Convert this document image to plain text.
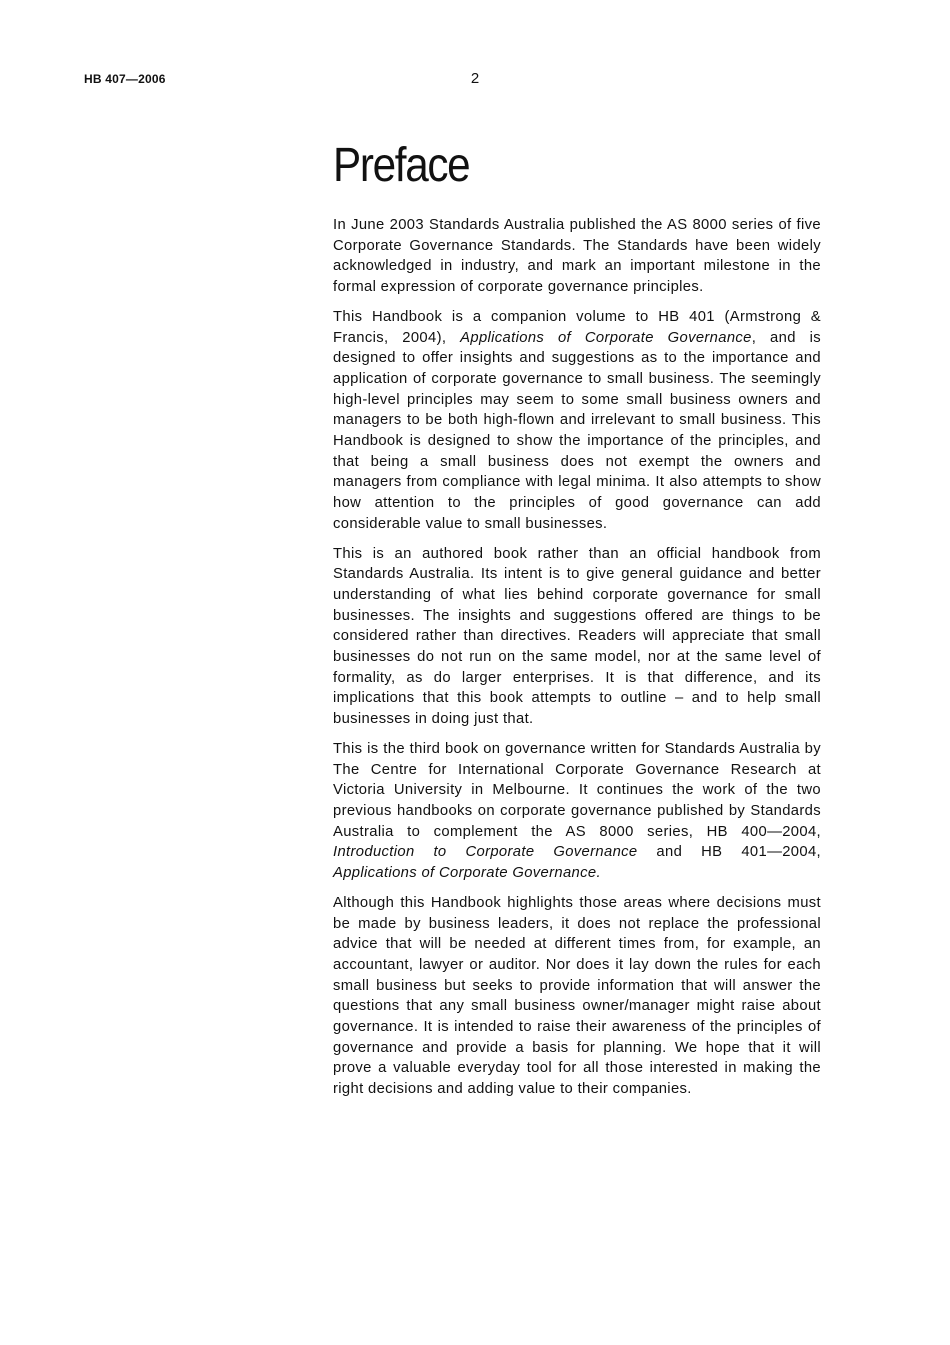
HB 407—2006	2
Preface

In June 2003 Standards Australia published the AS 8000 series of five Corporate Governance Standards. The Standards have been widely acknowledged in industry, and mark an important milestone in the formal expression of corporate governance principles.

This Handbook is a companion volume to HB 401 (Armstrong & Francis, 2004), Applications of Corporate Governance, and is designed to offer insights and suggestions as to the importance and application of corporate governance to small business. The seemingly high-level principles may seem to some small business owners and managers to be both high-flown and irrelevant to small business. This Handbook is designed to show the importance of the principles, and that being a small business does not exempt the owners and managers from compliance with legal minima. It also attempts to show how attention to the principles of good governance can add considerable value to small businesses.

This is an authored book rather than an official handbook from Standards Australia. Its intent is to give general guidance and better understanding of what lies behind corporate governance for small businesses. The insights and suggestions offered are things to be considered rather than directives. Readers will appreciate that small businesses do not run on the same model, nor at the same level of formality, as do larger enterprises. It is that difference, and its implications that this book attempts to outline – and to help small businesses in doing just that.

This is the third book on governance written for Standards Australia by The Centre for International Corporate Governance Research at Victoria University in Melbourne. It continues the work of the two previous handbooks on corporate governance published by Standards Australia to complement the AS 8000 series, HB 400—2004, Introduction to Corporate Governance and HB 401—2004, Applications of Corporate Governance.

Although this Handbook highlights those areas where decisions must be made by business leaders, it does not replace the professional advice that will be needed at different times from, for example, an accountant, lawyer or auditor. Nor does it lay down the rules for each small business but seeks to provide information that will answer the questions that any small business owner/manager might raise about governance. It is intended to raise their awareness of the principles of governance and provide a basis for planning. We hope that it will prove a valuable everyday tool for all those interested in making the right decisions and adding value to their companies.
